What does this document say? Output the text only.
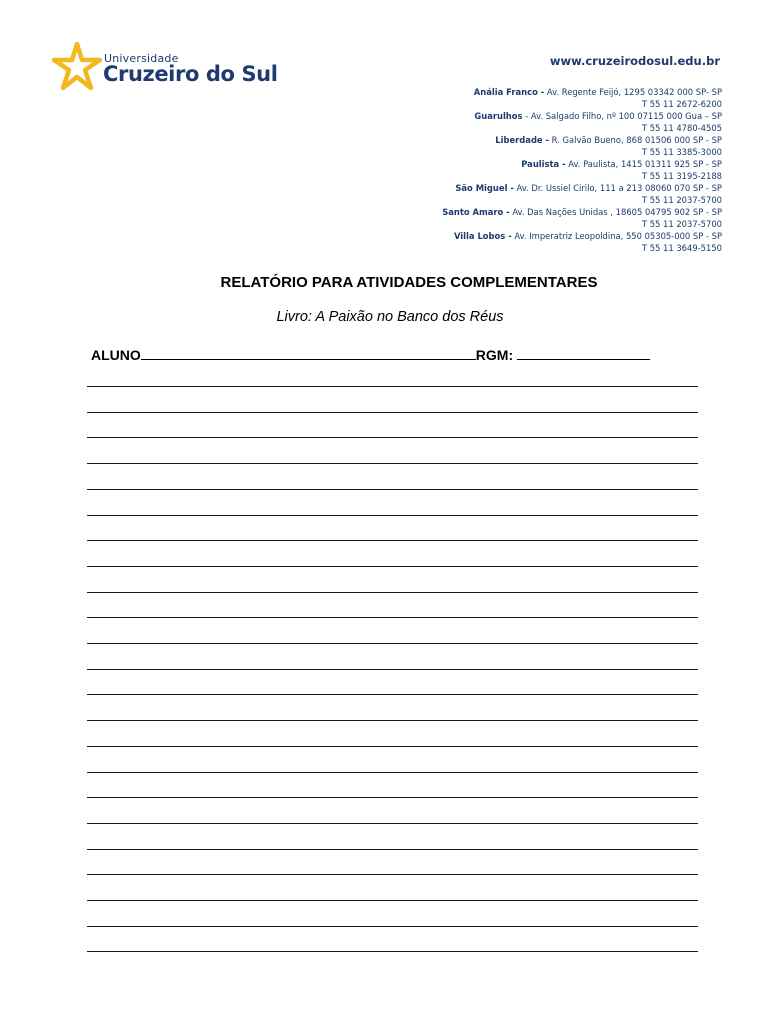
Universidade
Cruzeiro do Sul
www.cruzeirodosul.edu.br
Anália Franco - Av. Regente Feijó, 1295 03342 000 SP- SP
T 55 11 2672-6200
Guarulhos - Av. Salgado Filho, nº 100 07115 000 Gua – SP
T 55 11 4780-4505
Liberdade - R. Galvão Bueno, 868 01506 000 SP - SP
T 55 11 3385-3000
Paulista - Av. Paulista, 1415 01311 925 SP - SP
T 55 11 3195-2188
São Miguel - Av. Dr. Ussiel Cirilo, 111 a 213 08060 070 SP - SP
T 55 11 2037-5700
Santo Amaro - Av. Das Nações Unidas , 18605 04795 902 SP - SP
T 55 11 2037-5700
Villa Lobos - Av. Imperatriz Leopoldina, 550 05305-000 SP - SP
T 55 11 3649-5150
RELATÓRIO PARA ATIVIDADES COMPLEMENTARES
Livro: A Paixão no Banco dos Réus
ALUNO	RGM:
